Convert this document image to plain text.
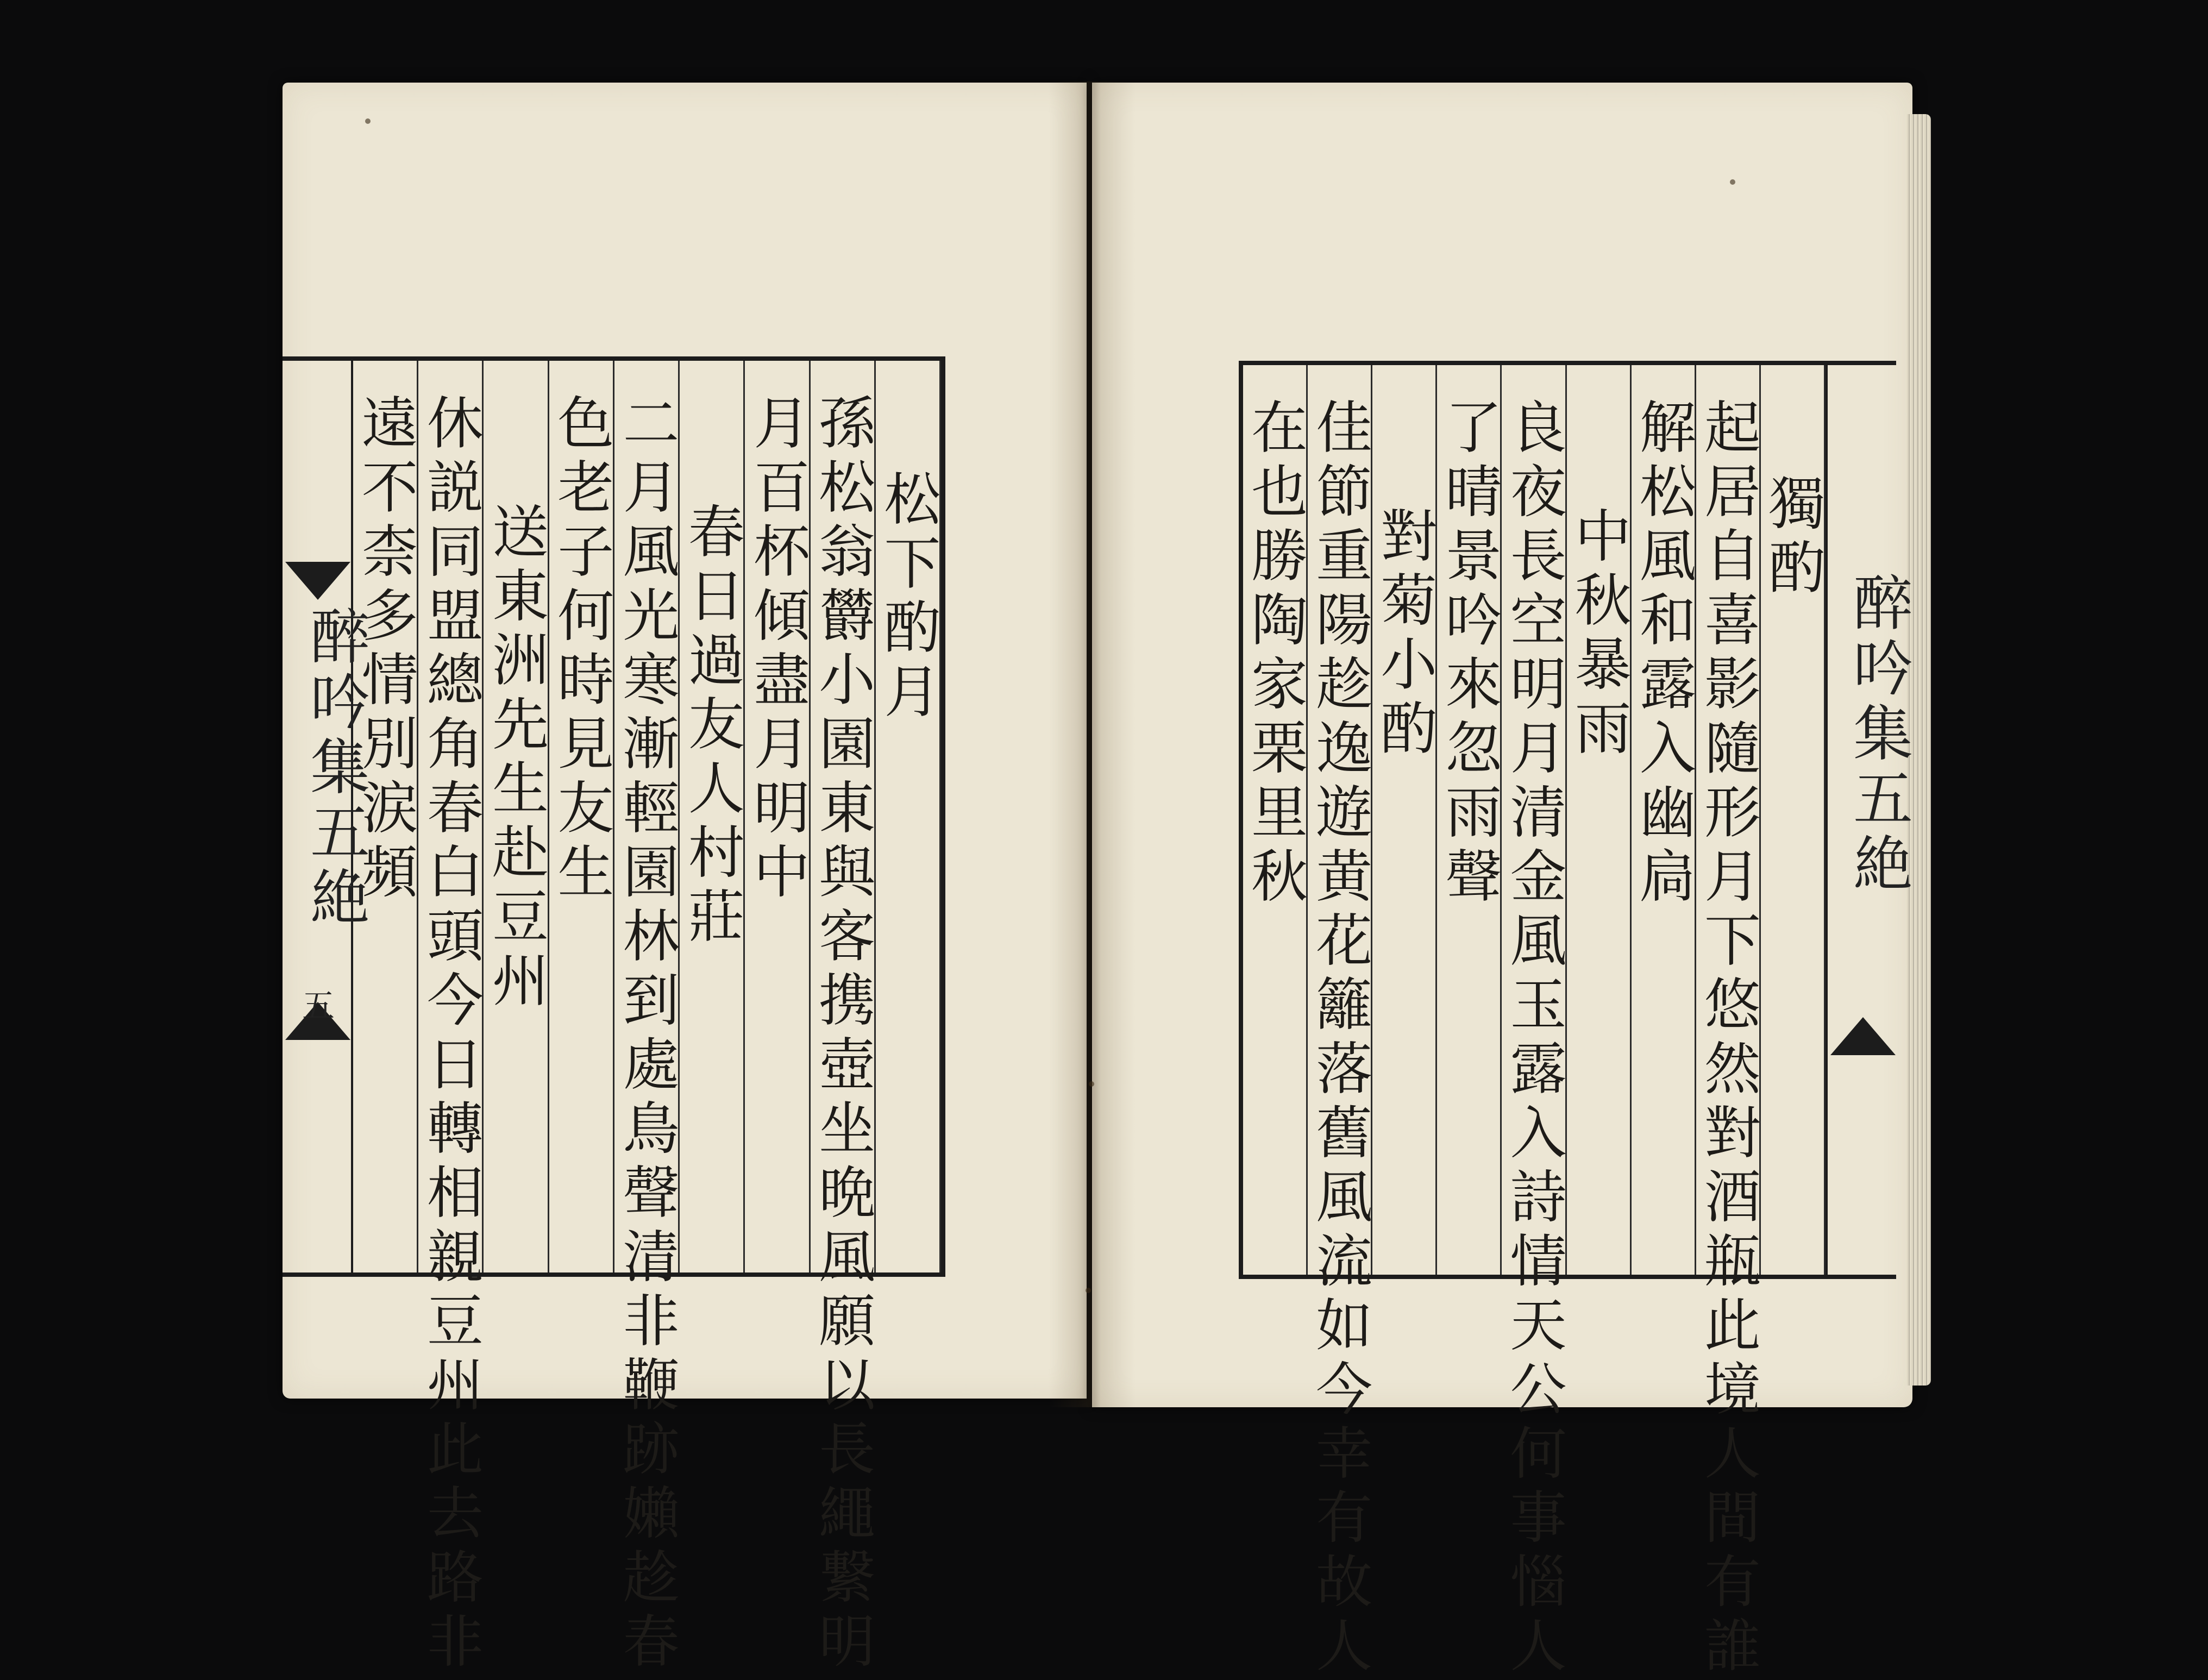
醉吟集五絶
五
松下酌月
孫松翁欝小園東與客携壺坐晩風願以長繩繋明
月百杯傾盡月明中
春日過友人村莊
二月風光寒漸輕園林到處鳥聲清非鞭跡嬾趁春
色老子何時見友生
送東洲先生赴豆州
休説同盟總角春白頭今日轉相親豆州此去路非
遠不柰多情別涙頻	獨酌
起居自喜影隨形月下悠然對酒瓶此境人間有誰
解松風和露入幽扃
中秋暴雨
良夜長空明月清金風玉露入詩情天公何事惱人
了晴景吟來忽雨聲
對菊小酌
佳節重陽趁逸遊黄花籬落舊風流如今幸有故人
在也勝陶家栗里秋	醉吟集五絶
